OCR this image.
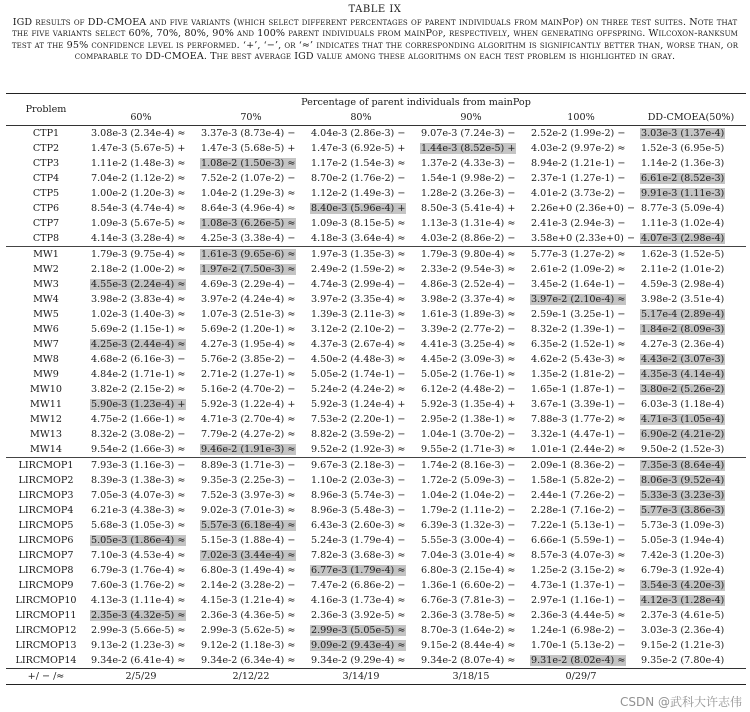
TABLE IX
IGD results of DD-CMOEA and five variants (which select different percentages of parent individuals from mainPop) on three test suites. Note that the five variants select 60%, 70%, 80%, 90% and 100% parent individuals from mainPop, respectively, when generating offspring. Wilcoxon-ranksum test at the 95% confidence level is performed. ‘+’, ‘−’, or ‘≈’ indicates that the corresponding algorithm is significantly better than, worse than, or comparable to DD-CMOEA. The best average IGD value among these algorithms on each test problem is highlighted in gray.
Problem	Percentage of parent individuals from mainPop					
	60%	70%	80%	90%	100%	DD-CMOEA(50%)
CTP1	3.08e-3 (2.34e-4) ≈	3.37e-3 (8.73e-4) −	4.04e-3 (2.86e-3) −	9.07e-3 (7.24e-3) −	2.52e-2 (1.99e-2) −	3.03e-3 (1.37e-4)
CTP2	1.47e-3 (5.67e-5) +	1.47e-3 (5.68e-5) +	1.47e-3 (6.92e-5) +	1.44e-3 (8.52e-5) +	4.03e-2 (9.97e-2) ≈	1.52e-3 (6.95e-5)
CTP3	1.11e-2 (1.48e-3) ≈	1.08e-2 (1.50e-3) ≈	1.17e-2 (1.54e-3) ≈	1.37e-2 (4.33e-3) −	8.94e-2 (1.21e-1) −	1.14e-2 (1.36e-3)
CTP4	7.04e-2 (1.12e-2) ≈	7.52e-2 (1.07e-2) −	8.70e-2 (1.76e-2) −	1.54e-1 (9.98e-2) −	2.37e-1 (1.27e-1) −	6.61e-2 (8.52e-3)
CTP5	1.00e-2 (1.20e-3) ≈	1.04e-2 (1.29e-3) ≈	1.12e-2 (1.49e-3) −	1.28e-2 (3.26e-3) −	4.01e-2 (3.73e-2) −	9.91e-3 (1.11e-3)
CTP6	8.54e-3 (4.74e-4) ≈	8.64e-3 (4.96e-4) ≈	8.40e-3 (5.96e-4) +	8.50e-3 (5.41e-4) +	2.26e+0 (2.36e+0) −	8.77e-3 (5.09e-4)
CTP7	1.09e-3 (5.67e-5) ≈	1.08e-3 (6.26e-5) ≈	1.09e-3 (8.15e-5) ≈	1.13e-3 (1.31e-4) ≈	2.41e-3 (2.94e-3) −	1.11e-3 (1.02e-4)
CTP8	4.14e-3 (3.28e-4) ≈	4.25e-3 (3.38e-4) −	4.18e-3 (3.64e-4) ≈	4.03e-2 (8.86e-2) −	3.58e+0 (2.33e+0) −	4.07e-3 (2.98e-4)
MW1	1.79e-3 (9.75e-4) ≈	1.61e-3 (9.65e-6) ≈	1.97e-3 (1.35e-3) ≈	1.79e-3 (9.80e-4) ≈	5.77e-3 (1.27e-2) ≈	1.62e-3 (1.52e-5)
MW2	2.18e-2 (1.00e-2) ≈	1.97e-2 (7.50e-3) ≈	2.49e-2 (1.59e-2) ≈	2.33e-2 (9.54e-3) ≈	2.61e-2 (1.09e-2) ≈	2.11e-2 (1.01e-2)
MW3	4.55e-3 (2.24e-4) ≈	4.69e-3 (2.29e-4) −	4.74e-3 (2.99e-4) −	4.86e-3 (2.52e-4) −	3.45e-2 (1.64e-1) −	4.59e-3 (2.98e-4)
MW4	3.98e-2 (3.83e-4) ≈	3.97e-2 (4.24e-4) ≈	3.97e-2 (3.35e-4) ≈	3.98e-2 (3.37e-4) ≈	3.97e-2 (2.10e-4) ≈	3.98e-2 (3.51e-4)
MW5	1.02e-3 (1.40e-3) ≈	1.07e-3 (2.51e-3) ≈	1.39e-3 (2.11e-3) ≈	1.61e-3 (1.89e-3) ≈	2.59e-1 (3.25e-1) −	5.17e-4 (2.89e-4)
MW6	5.69e-2 (1.15e-1) ≈	5.69e-2 (1.20e-1) ≈	3.12e-2 (2.10e-2) −	3.39e-2 (2.77e-2) −	8.32e-2 (1.39e-1) −	1.84e-2 (8.09e-3)
MW7	4.25e-3 (2.44e-4) ≈	4.27e-3 (1.95e-4) ≈	4.37e-3 (2.67e-4) ≈	4.41e-3 (3.25e-4) ≈	6.35e-2 (1.52e-1) ≈	4.27e-3 (2.36e-4)
MW8	4.68e-2 (6.16e-3) −	5.76e-2 (3.85e-2) −	4.50e-2 (4.48e-3) ≈	4.45e-2 (3.09e-3) ≈	4.62e-2 (5.43e-3) ≈	4.43e-2 (3.07e-3)
MW9	4.84e-2 (1.71e-1) ≈	2.71e-2 (1.27e-1) ≈	5.05e-2 (1.74e-1) −	5.05e-2 (1.76e-1) ≈	1.35e-2 (1.81e-2) −	4.35e-3 (4.14e-4)
MW10	3.82e-2 (2.15e-2) ≈	5.16e-2 (4.70e-2) −	5.24e-2 (4.24e-2) ≈	6.12e-2 (4.48e-2) −	1.65e-1 (1.87e-1) −	3.80e-2 (5.26e-2)
MW11	5.90e-3 (1.23e-4) +	5.92e-3 (1.22e-4) +	5.92e-3 (1.24e-4) +	5.92e-3 (1.35e-4) +	3.67e-1 (3.39e-1) −	6.03e-3 (1.18e-4)
MW12	4.75e-2 (1.66e-1) ≈	4.71e-3 (2.70e-4) ≈	7.53e-2 (2.20e-1) −	2.95e-2 (1.38e-1) ≈	7.88e-3 (1.77e-2) ≈	4.71e-3 (1.05e-4)
MW13	8.32e-2 (3.08e-2) −	7.79e-2 (4.27e-2) ≈	8.82e-2 (3.59e-2) −	1.04e-1 (3.70e-2) −	3.32e-1 (4.47e-1) −	6.90e-2 (4.21e-2)
MW14	9.54e-2 (1.66e-3) ≈	9.46e-2 (1.91e-3) ≈	9.52e-2 (1.92e-3) ≈	9.55e-2 (1.71e-3) ≈	1.01e-1 (2.44e-2) ≈	9.50e-2 (1.52e-3)
LIRCMOP1	7.93e-3 (1.16e-3) −	8.89e-3 (1.71e-3) −	9.67e-3 (2.18e-3) −	1.74e-2 (8.16e-3) −	2.09e-1 (8.36e-2) −	7.35e-3 (8.64e-4)
LIRCMOP2	8.39e-3 (1.38e-3) ≈	9.35e-3 (2.25e-3) −	1.10e-2 (2.03e-3) −	1.72e-2 (5.09e-3) −	1.58e-1 (5.82e-2) −	8.06e-3 (9.52e-4)
LIRCMOP3	7.05e-3 (4.07e-3) ≈	7.52e-3 (3.97e-3) ≈	8.96e-3 (5.74e-3) −	1.04e-2 (1.04e-2) −	2.44e-1 (7.26e-2) −	5.33e-3 (3.23e-3)
LIRCMOP4	6.21e-3 (4.38e-3) ≈	9.02e-3 (7.01e-3) ≈	8.96e-3 (5.48e-3) −	1.79e-2 (1.11e-2) −	2.28e-1 (7.16e-2) −	5.77e-3 (3.86e-3)
LIRCMOP5	5.68e-3 (1.05e-3) ≈	5.57e-3 (6.18e-4) ≈	6.43e-3 (2.60e-3) ≈	6.39e-3 (1.32e-3) −	7.22e-1 (5.13e-1) −	5.73e-3 (1.09e-3)
LIRCMOP6	5.05e-3 (1.86e-4) ≈	5.15e-3 (1.88e-4) −	5.24e-3 (1.79e-4) −	5.55e-3 (3.00e-4) −	6.66e-1 (5.59e-1) −	5.05e-3 (1.94e-4)
LIRCMOP7	7.10e-3 (4.53e-4) ≈	7.02e-3 (3.44e-4) ≈	7.82e-3 (3.68e-3) ≈	7.04e-3 (3.01e-4) ≈	8.57e-3 (4.07e-3) ≈	7.42e-3 (1.20e-3)
LIRCMOP8	6.79e-3 (1.76e-4) ≈	6.80e-3 (1.49e-4) ≈	6.77e-3 (1.79e-4) ≈	6.80e-3 (2.15e-4) ≈	1.25e-2 (3.15e-2) ≈	6.79e-3 (1.92e-4)
LIRCMOP9	7.60e-3 (1.76e-2) ≈	2.14e-2 (3.28e-2) −	7.47e-2 (6.86e-2) −	1.36e-1 (6.60e-2) −	4.73e-1 (1.37e-1) −	3.54e-3 (4.20e-3)
LIRCMOP10	4.13e-3 (1.11e-4) ≈	4.15e-3 (1.21e-4) ≈	4.16e-3 (1.73e-4) ≈	6.76e-3 (7.81e-3) −	2.97e-1 (1.16e-1) −	4.12e-3 (1.28e-4)
LIRCMOP11	2.35e-3 (4.32e-5) ≈	2.36e-3 (4.36e-5) ≈	2.36e-3 (3.92e-5) ≈	2.36e-3 (3.78e-5) ≈	2.36e-3 (4.44e-5) ≈	2.37e-3 (4.61e-5)
LIRCMOP12	2.99e-3 (5.66e-5) ≈	2.99e-3 (5.62e-5) ≈	2.99e-3 (5.05e-5) ≈	8.70e-3 (1.64e-2) ≈	1.24e-1 (6.98e-2) −	3.03e-3 (2.36e-4)
LIRCMOP13	9.13e-2 (1.23e-3) ≈	9.12e-2 (1.18e-3) ≈	9.09e-2 (9.43e-4) ≈	9.15e-2 (8.44e-4) ≈	1.70e-1 (5.13e-2) −	9.15e-2 (1.21e-3)
LIRCMOP14	9.34e-2 (6.41e-4) ≈	9.34e-2 (6.34e-4) ≈	9.34e-2 (9.29e-4) ≈	9.34e-2 (8.07e-4) ≈	9.31e-2 (8.02e-4) ≈	9.35e-2 (7.80e-4)
+/ − /≈	2/5/29	2/12/22	3/14/19	3/18/15	0/29/7	
CSDN @武科大许志伟
